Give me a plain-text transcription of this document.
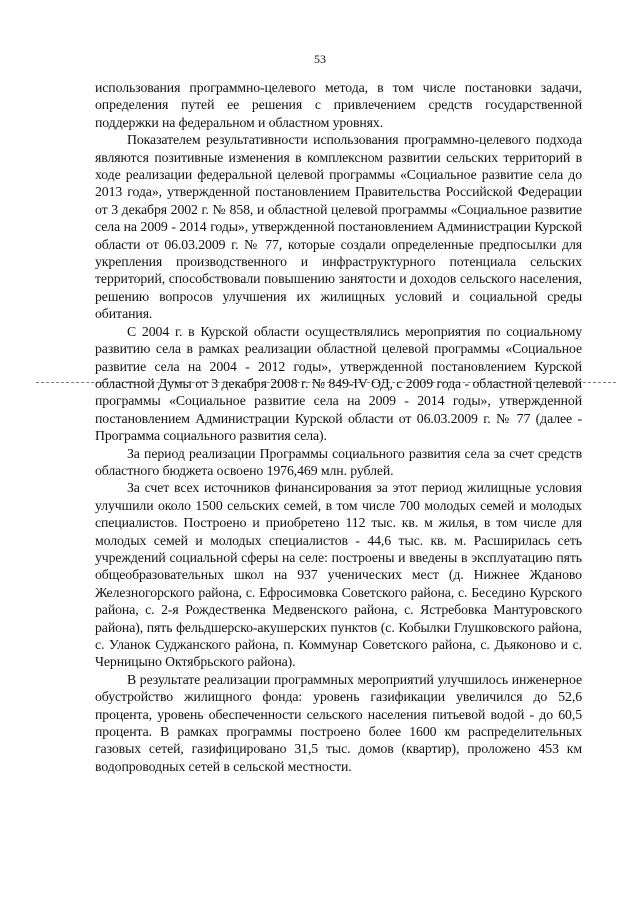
53

использования программно-целевого метода, в том числе постановки задачи, определения путей ее решения с привлечением средств государственной поддержки на федеральном и областном уровнях.

Показателем результативности использования программно-целевого подхода являются позитивные изменения в комплексном развитии сельских территорий в ходе реализации федеральной целевой программы «Социальное развитие села до 2013 года», утвержденной постановлением Правительства Российской Федерации от 3 декабря 2002 г. № 858, и областной целевой программы «Социальное развитие села на 2009 - 2014 годы», утвержденной постановлением Администрации Курской области от 06.03.2009 г. № 77, которые создали определенные предпосылки для укрепления производственного и инфраструктурного потенциала сельских территорий, способствовали повышению занятости и доходов сельского населения, решению вопросов улучшения их жилищных условий и социальной среды обитания.

С 2004 г. в Курской области осуществлялись мероприятия по социальному развитию села в рамках реализации областной целевой программы «Социальное развитие села на 2004 - 2012 годы», утвержденной постановлением Курской областной Думы от 3 декабря 2008 г. № 849-IV ОД, с 2009 года - областной целевой программы «Социальное развитие села на 2009 - 2014 годы», утвержденной постановлением Администрации Курской области от 06.03.2009 г. № 77 (далее - Программа социального развития села).

За период реализации Программы социального развития села за счет средств областного бюджета освоено 1976,469 млн. рублей.

За счет всех источников финансирования за этот период жилищные условия улучшили около 1500 сельских семей, в том числе 700 молодых семей и молодых специалистов. Построено и приобретено 112 тыс. кв. м жилья, в том числе для молодых семей и молодых специалистов - 44,6 тыс. кв. м. Расширилась сеть учреждений социальной сферы на селе: построены и введены в эксплуатацию пять общеобразовательных школ на 937 ученических мест (д. Нижнее Жданово Железногорского района, с. Ефросимовка Советского района, с. Беседино Курского района, с. 2-я Рождественка Медвенского района, с. Ястребовка Мантуровского района), пять фельдшерско-акушерских пунктов (с. Кобылки Глушковского района, с. Уланок Суджанского района, п. Коммунар Советского района, с. Дьяконово и с. Черницыно Октябрьского района).

В результате реализации программных мероприятий улучшилось инженерное обустройство жилищного фонда: уровень газификации увеличился до 52,6 процента, уровень обеспеченности сельского населения питьевой водой - до 60,5 процента. В рамках программы построено более 1600 км распределительных газовых сетей, газифицировано 31,5 тыс. домов (квартир), проложено 453 км водопроводных сетей в сельской местности.
